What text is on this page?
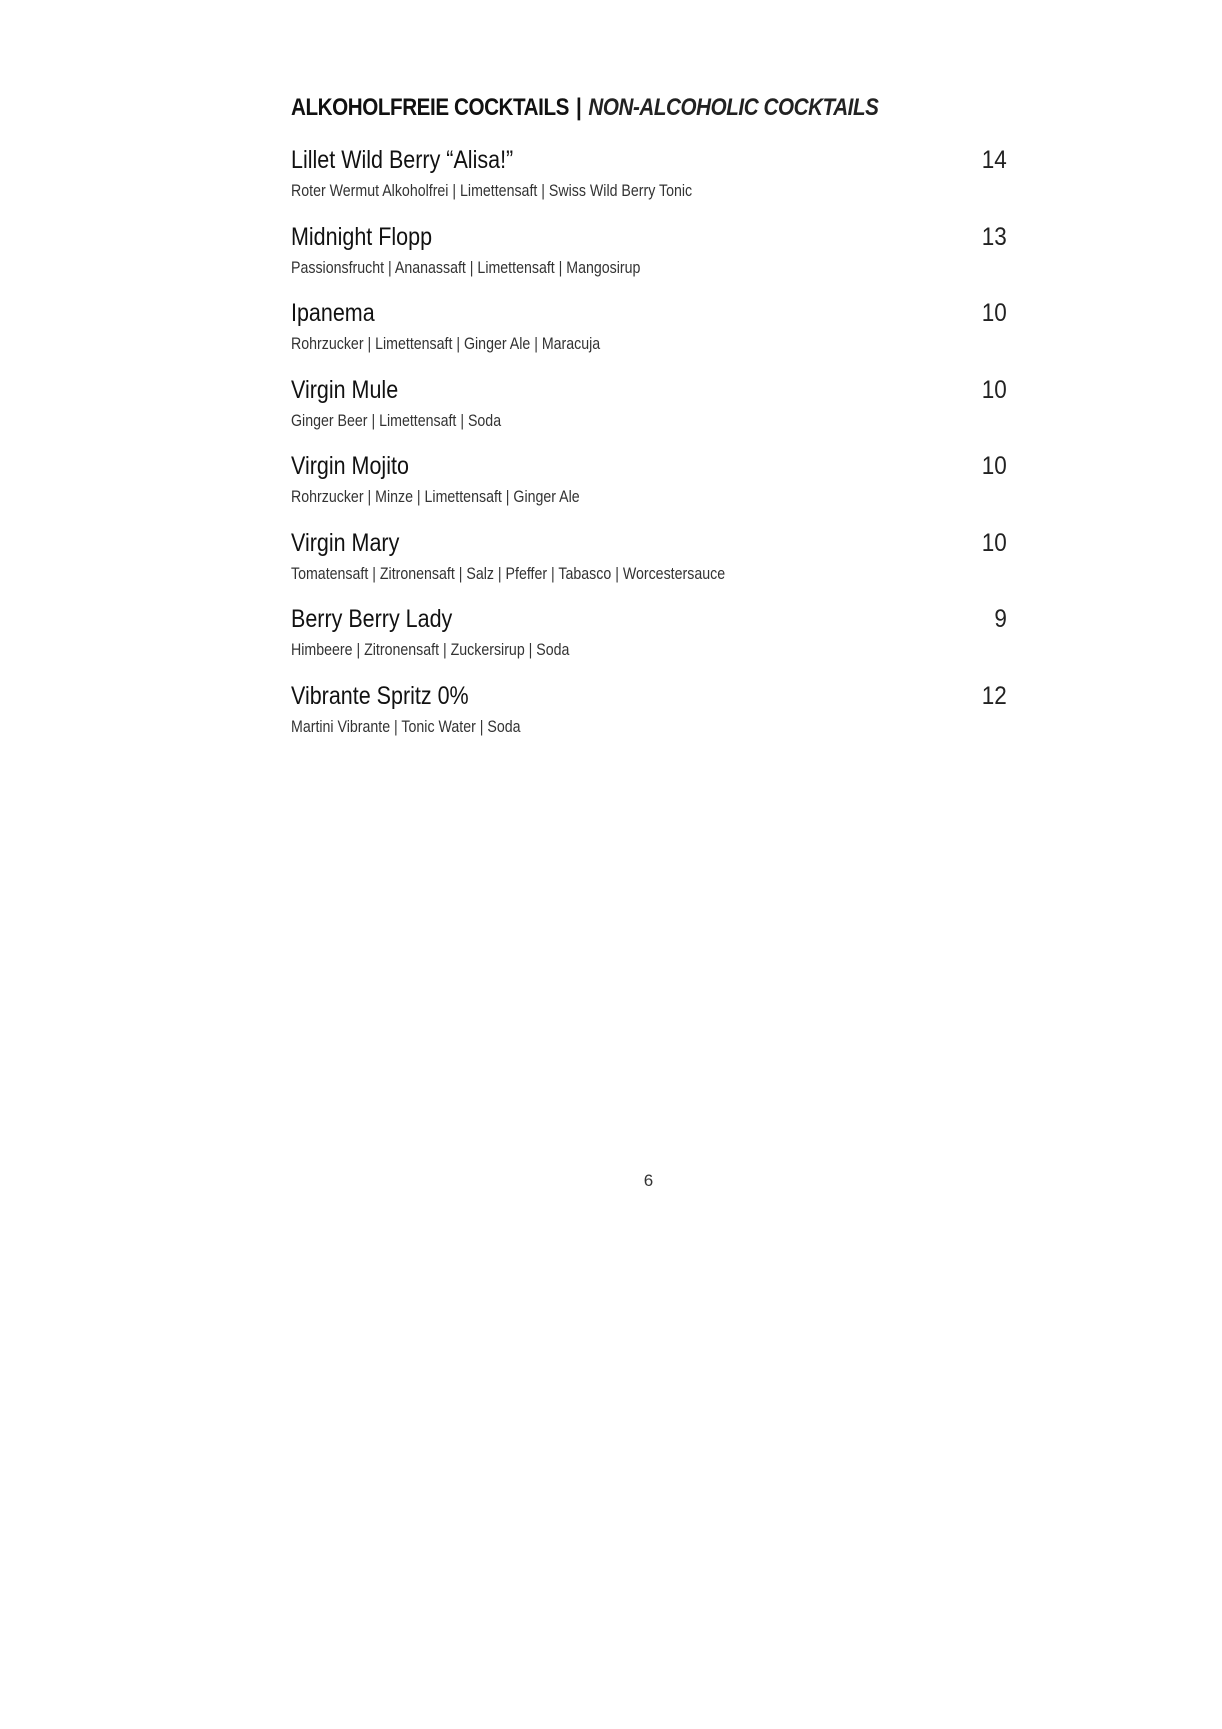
ALKOHOLFREIE COCKTAILS | NON-ALCOHOLIC COCKTAILS
Lillet Wild Berry “Alisa!”	14
Roter Wermut Alkoholfrei | Limettensaft | Swiss Wild Berry Tonic
Midnight Flopp	13
Passionsfrucht | Ananassaft | Limettensaft | Mangosirup
Ipanema	10
Rohrzucker | Limettensaft | Ginger Ale | Maracuja
Virgin Mule	10
Ginger Beer | Limettensaft | Soda
Virgin Mojito	10
Rohrzucker | Minze | Limettensaft | Ginger Ale
Virgin Mary	10
Tomatensaft | Zitronensaft | Salz | Pfeffer | Tabasco | Worcestersauce
Berry Berry Lady	9
Himbeere | Zitronensaft | Zuckersirup | Soda
Vibrante Spritz 0%	12
Martini Vibrante | Tonic Water | Soda
6
